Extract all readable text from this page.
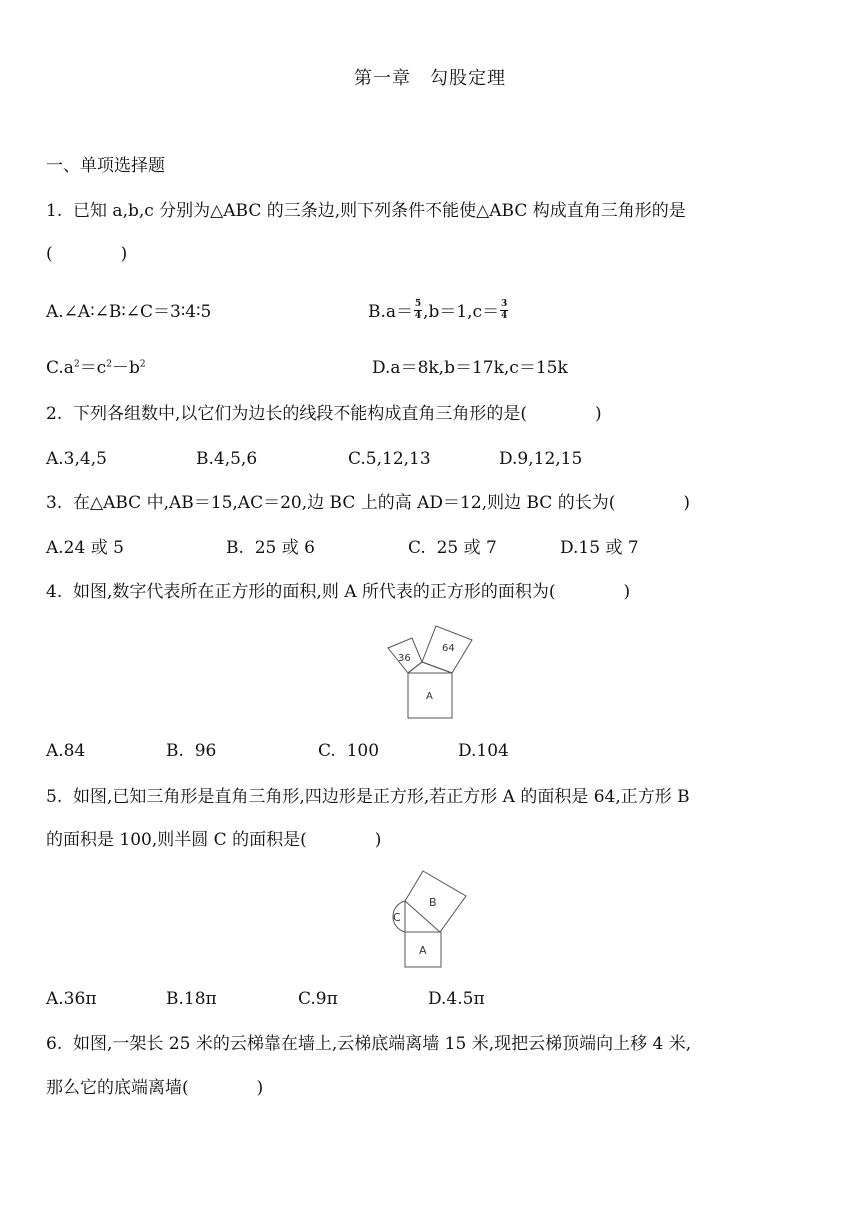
第一章　勾股定理
一、单项选择题
1.  已知 a,b,c 分别为△ABC 的三条边,则下列条件不能使△ABC 构成直角三角形的是
(　　　　)
A.∠A∶∠B∶∠C＝3∶4∶5	$B.a= \frac{5}{4} ,b=1,c= \frac{3}{4}$
$C.a^2=c^2-b^2$	D.a＝8k,b＝17k,c＝15k
2.  下列各组数中,以它们为边长的线段不能构成直角三角形的是(　　　　)
A.3,4,5	B.4,5,6	C.5,12,13	D.9,12,15
3.  在△ABC 中,AB＝15,AC＝20,边 BC 上的高 AD＝12,则边 BC 的长为(　　　　)
A.24 或 5	B.  25 或 6	C.  25 或 7	D.15 或 7
4.  如图,数字代表所在正方形的面积,则 A 所代表的正方形的面积为(　　　　)
36
64
A
A.84	B.  96	C.  100	D.104
5.  如图,已知三角形是直角三角形,四边形是正方形,若正方形 A 的面积是 64,正方形 B
的面积是 100,则半圆 C 的面积是(　　　　)
B
C
A
A.36π	B.18π	C.9π	D.4.5π
6.  如图,一架长 25 米的云梯靠在墙上,云梯底端离墙 15 米,现把云梯顶端向上移 4 米,
那么它的底端离墙(　　　　)
